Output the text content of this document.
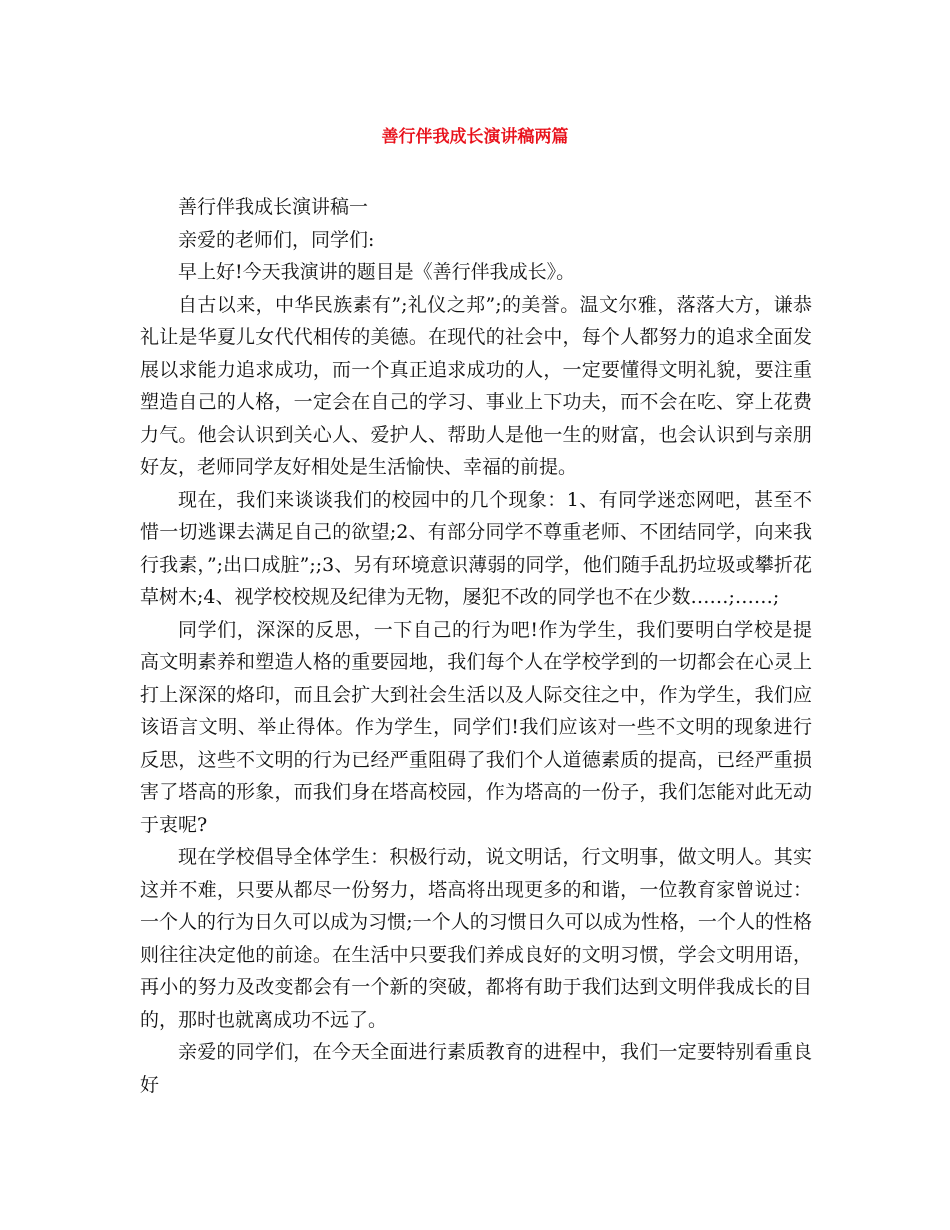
善行伴我成长演讲稿两篇

善行伴我成长演讲稿一

亲爱的老师们，同学们:

早上好!今天我演讲的题目是《善行伴我成长》。

自古以来，中华民族素有”;礼仪之邦”;的美誉。温文尔雅，落落大方，谦恭礼让是华夏儿女代代相传的美德。在现代的社会中，每个人都努力的追求全面发展以求能力追求成功，而一个真正追求成功的人，一定要懂得文明礼貌，要注重塑造自己的人格，一定会在自己的学习、事业上下功夫，而不会在吃、穿上花费力气。他会认识到关心人、爱护人、帮助人是他一生的财富，也会认识到与亲朋好友，老师同学友好相处是生活愉快、幸福的前提。

现在，我们来谈谈我们的校园中的几个现象：1、有同学迷恋网吧，甚至不惜一切逃课去满足自己的欲望;2、有部分同学不尊重老师、不团结同学，向来我行我素，”;出口成脏”;;3、另有环境意识薄弱的同学，他们随手乱扔垃圾或攀折花草树木;4、视学校校规及纪律为无物，屡犯不改的同学也不在少数……;……;

同学们，深深的反思，一下自己的行为吧!作为学生，我们要明白学校是提高文明素养和塑造人格的重要园地，我们每个人在学校学到的一切都会在心灵上打上深深的烙印，而且会扩大到社会生活以及人际交往之中，作为学生，我们应该语言文明、举止得体。作为学生，同学们!我们应该对一些不文明的现象进行反思，这些不文明的行为已经严重阻碍了我们个人道德素质的提高，已经严重损害了塔高的形象，而我们身在塔高校园，作为塔高的一份子，我们怎能对此无动于衷呢?

现在学校倡导全体学生：积极行动，说文明话，行文明事，做文明人。其实这并不难，只要从都尽一份努力，塔高将出现更多的和谐，一位教育家曾说过：一个人的行为日久可以成为习惯;一个人的习惯日久可以成为性格，一个人的性格则往往决定他的前途。在生活中只要我们养成良好的文明习惯，学会文明用语，再小的努力及改变都会有一个新的突破，都将有助于我们达到文明伴我成长的目的，那时也就离成功不远了。

亲爱的同学们，在今天全面进行素质教育的进程中，我们一定要特别看重良好
